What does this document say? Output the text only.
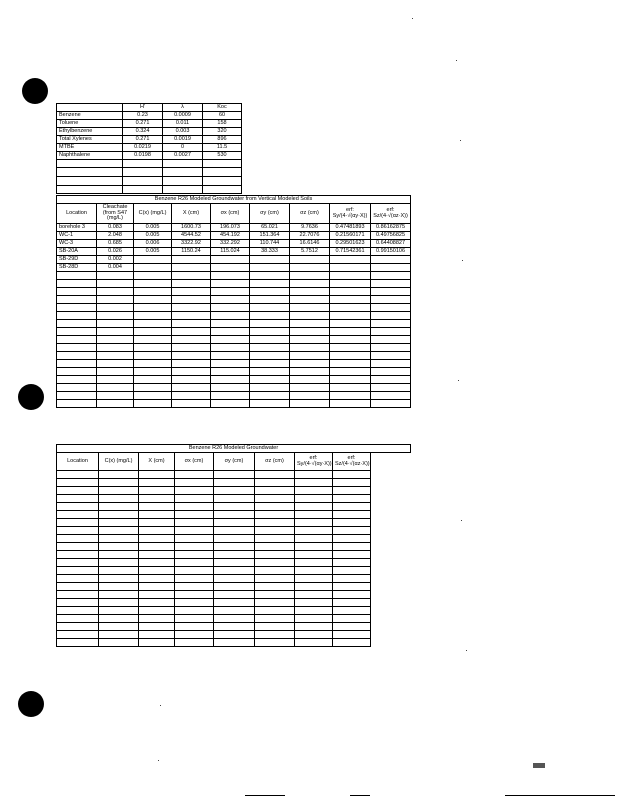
	H'	λ	Koc
Benzene	0.23	0.0009	60
Toluene	0.271	0.011	158
Ethylbenzene	0.324	0.003	320
Total Xylenes	0.271	0.0019	896
MTBE	0.0219	0	11.5
Naphthalene	0.0198	0.0027	530

Benzene R26 Modeled Groundwater from Vertical Modeled Soils								
Location	Cleachate (from S47 (mg/L)	C(x) (mg/L)	X (cm)	σx (cm)	σy (cm)	σz (cm)	erf: Sy/(4·√(αy·X))	erf: Sz/(4·√(αz·X))
borehole 3	0.083	0.005	1600.73	196.073	65.021	9.7636	0.47481893	0.86162875
WC-1	2.048	0.005	4544.52	454.192	151.364	22.7076	0.21560171	0.49756825
WC-3	0.685	0.006	3322.92	332.292	110.744	16.6146	0.29501623	0.64408827
SB-20A	0.026	0.005	1150.24	115.024	38.333	5.7512	0.71542361	0.99150106
SB-29D	0.002							
SB-28D	0.004							

Benzene R26 Modeled Groundwater								
Location	C(x) (mg/L)	X (cm)	σx (cm)	σy (cm)	σz (cm)	erf: Sy/(4·√(αy·X))	erf: Sz/(4·√(αz·X))	
